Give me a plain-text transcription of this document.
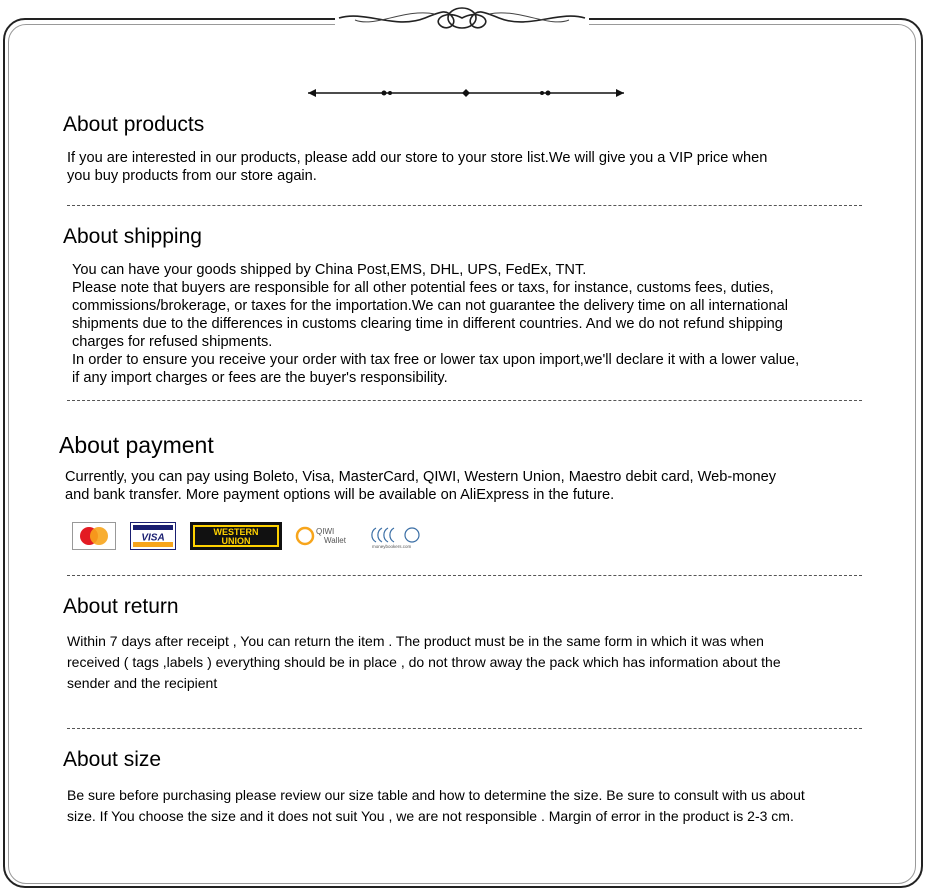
About products
If you are interested in our products, please add our store to your store list.We will give you a VIP price when
you buy products from our store again.
About shipping
You can have your goods shipped by China Post,EMS, DHL, UPS, FedEx, TNT.
Please note that buyers are responsible for all other potential fees or taxs, for instance, customs fees, duties,
commissions/brokerage, or taxes for the importation.We can not guarantee the delivery time on all international
shipments due to the differences in customs clearing time in different countries. And we do not refund shipping
charges for refused shipments.
In order to ensure you receive your order with tax free or lower tax upon import,we'll declare it with a lower value,
if any import charges or fees are the buyer's responsibility.
About payment
Currently, you can pay using Boleto, Visa, MasterCard, QIWI, Western Union, Maestro debit card, Web-money
and bank transfer. More payment options will be available on AliExpress in the future.
VISA
WESTERN
UNION
QIWI
Wallet
moneybookers.com
About return
Within 7 days after receipt , You can return the item . The product must be in the same form in which it was when
received ( tags ,labels ) everything should be in place , do not throw away the pack which has information about the
sender and the recipient
About size
Be sure before purchasing please review our size table and how to determine the size. Be sure to consult with us about
size. If You choose the size and it does not suit You , we are not responsible . Margin of error in the product is 2-3 cm.
